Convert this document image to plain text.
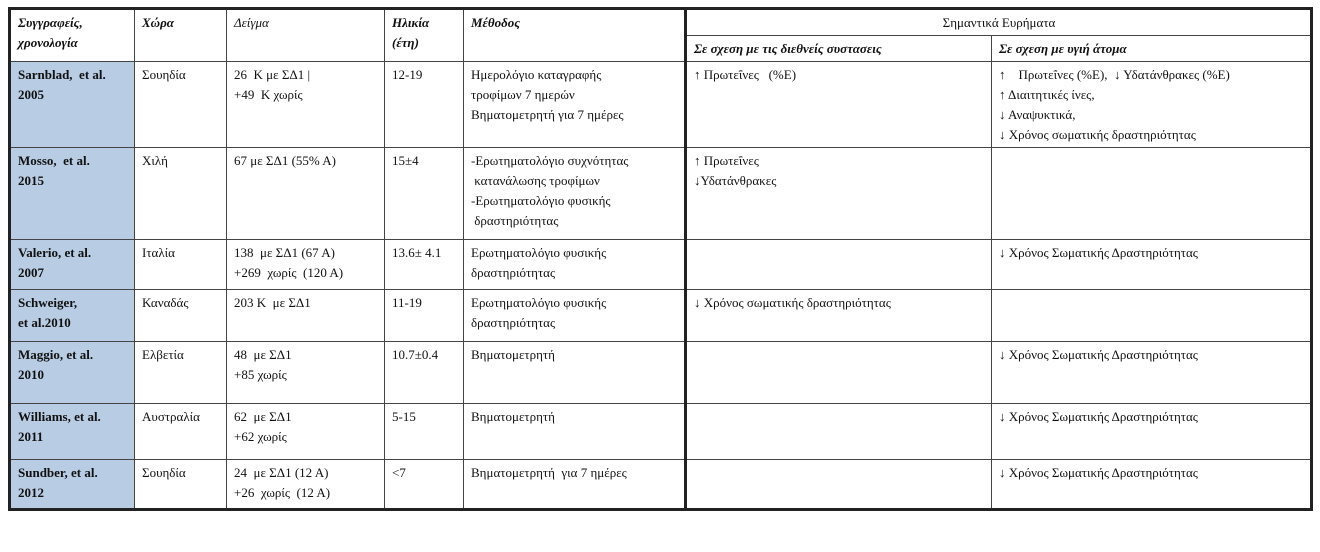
Συγγραφείς,
χρονολογία	Χώρα	Δείγμα	Ηλικία
(έτη)	Μέθοδος	Σημαντικά Ευρήματα	
					Σε σχεση με τις διεθνείς συστασεις	Σε σχεση με υγιή άτομα

Sarnblad,  et al.
2005	Σουηδία	26  Κ με ΣΔ1 |
+49  Κ χωρίς	12-19	Ημερολόγιο καταγραφής
τροφίμων 7 ημερών
Βηματομετρητή για 7 ημέρες	↑ Πρωτεΐνες   (%Ε)	↑    Πρωτεΐνες (%Ε),  ↓ Υδατάνθρακες (%Ε)
↑ Διαιτητικές ίνες,
↓ Αναψυκτικά,
↓ Χρόνος σωματικής δραστηριότητας

Mosso,  et al.
2015	Χιλή	67 με ΣΔ1 (55% Α)	15±4	-Ερωτηματολόγιο συχνότητας
κατανάλωσης τροφίμων
-Ερωτηματολόγιο φυσικής
δραστηριότητας	↑ Πρωτεΐνες
↓Υδατάνθρακες	

Valerio, et al.
2007	Ιταλία	138  με ΣΔ1 (67 Α)
+269  χωρίς  (120 Α)	13.6± 4.1	Ερωτηματολόγιο φυσικής
δραστηριότητας		↓ Χρόνος Σωματικής Δραστηριότητας

Schweiger,
et al.2010	Καναδάς	203 Κ  με ΣΔ1	11-19	Ερωτηματολόγιο φυσικής
δραστηριότητας	↓ Χρόνος σωματικής δραστηριότητας	

Maggio, et al.
2010	Ελβετία	48  με ΣΔ1
+85 χωρίς	10.7±0.4	Βηματομετρητή		↓ Χρόνος Σωματικής Δραστηριότητας

Williams, et al.
2011	Αυστραλία	62  με ΣΔ1
+62 χωρίς	5-15	Βηματομετρητή		↓ Χρόνος Σωματικής Δραστηριότητας

Sundber, et al.
2012	Σουηδία	24  με ΣΔ1 (12 Α)
+26  χωρίς  (12 Α)	<7	Βηματομετρητή  για 7 ημέρες		↓ Χρόνος Σωματικής Δραστηριότητας
